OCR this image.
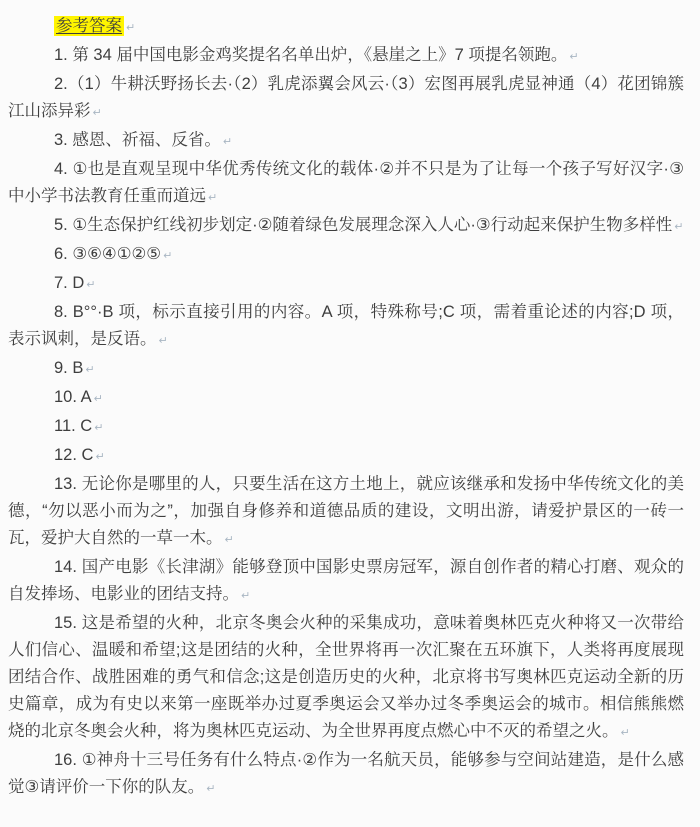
参考答案 ↵

1. 第 34 届中国电影金鸡奖提名名单出炉，《悬崖之上》7 项提名领跑。 ↵

2.（1）牛耕沃野扬长去·（2）乳虎添翼会风云·（3）宏图再展乳虎显神通（4）花团锦簇江山添异彩 ↵

3. 感恩、祈福、反省。 ↵

4. ①也是直观呈现中华优秀传统文化的载体·②并不只是为了让每一个孩子写好汉字·③中小学书法教育任重而道远 ↵

5. ①生态保护红线初步划定·②随着绿色发展理念深入人心·③行动起来保护生物多样性 ↵

6. ③⑥④①②⑤ ↵

7. D ↵

8. B°°·B 项，标示直接引用的内容。A 项，特殊称号;C 项，需着重论述的内容;D 项，表示讽刺，是反语。 ↵

9. B ↵

10. A ↵

11. C ↵

12. C ↵

13. 无论你是哪里的人，只要生活在这方土地上，就应该继承和发扬中华传统文化的美德，“勿以恶小而为之”，加强自身修养和道德品质的建设，文明出游，请爱护景区的一砖一瓦，爱护大自然的一草一木。 ↵

14. 国产电影《长津湖》能够登顶中国影史票房冠军，源自创作者的精心打磨、观众的自发捧场、电影业的团结支持。 ↵

15. 这是希望的火种，北京冬奥会火种的采集成功，意味着奥林匹克火种将又一次带给人们信心、温暖和希望;这是团结的火种，全世界将再一次汇聚在五环旗下，人类将再度展现团结合作、战胜困难的勇气和信念;这是创造历史的火种，北京将书写奥林匹克运动全新的历史篇章，成为有史以来第一座既举办过夏季奥运会又举办过冬季奥运会的城市。相信熊熊燃烧的北京冬奥会火种，将为奥林匹克运动、为全世界再度点燃心中不灭的希望之火。 ↵

16. ①神舟十三号任务有什么特点·②作为一名航天员，能够参与空间站建造，是什么感觉③请评价一下你的队友。 ↵
